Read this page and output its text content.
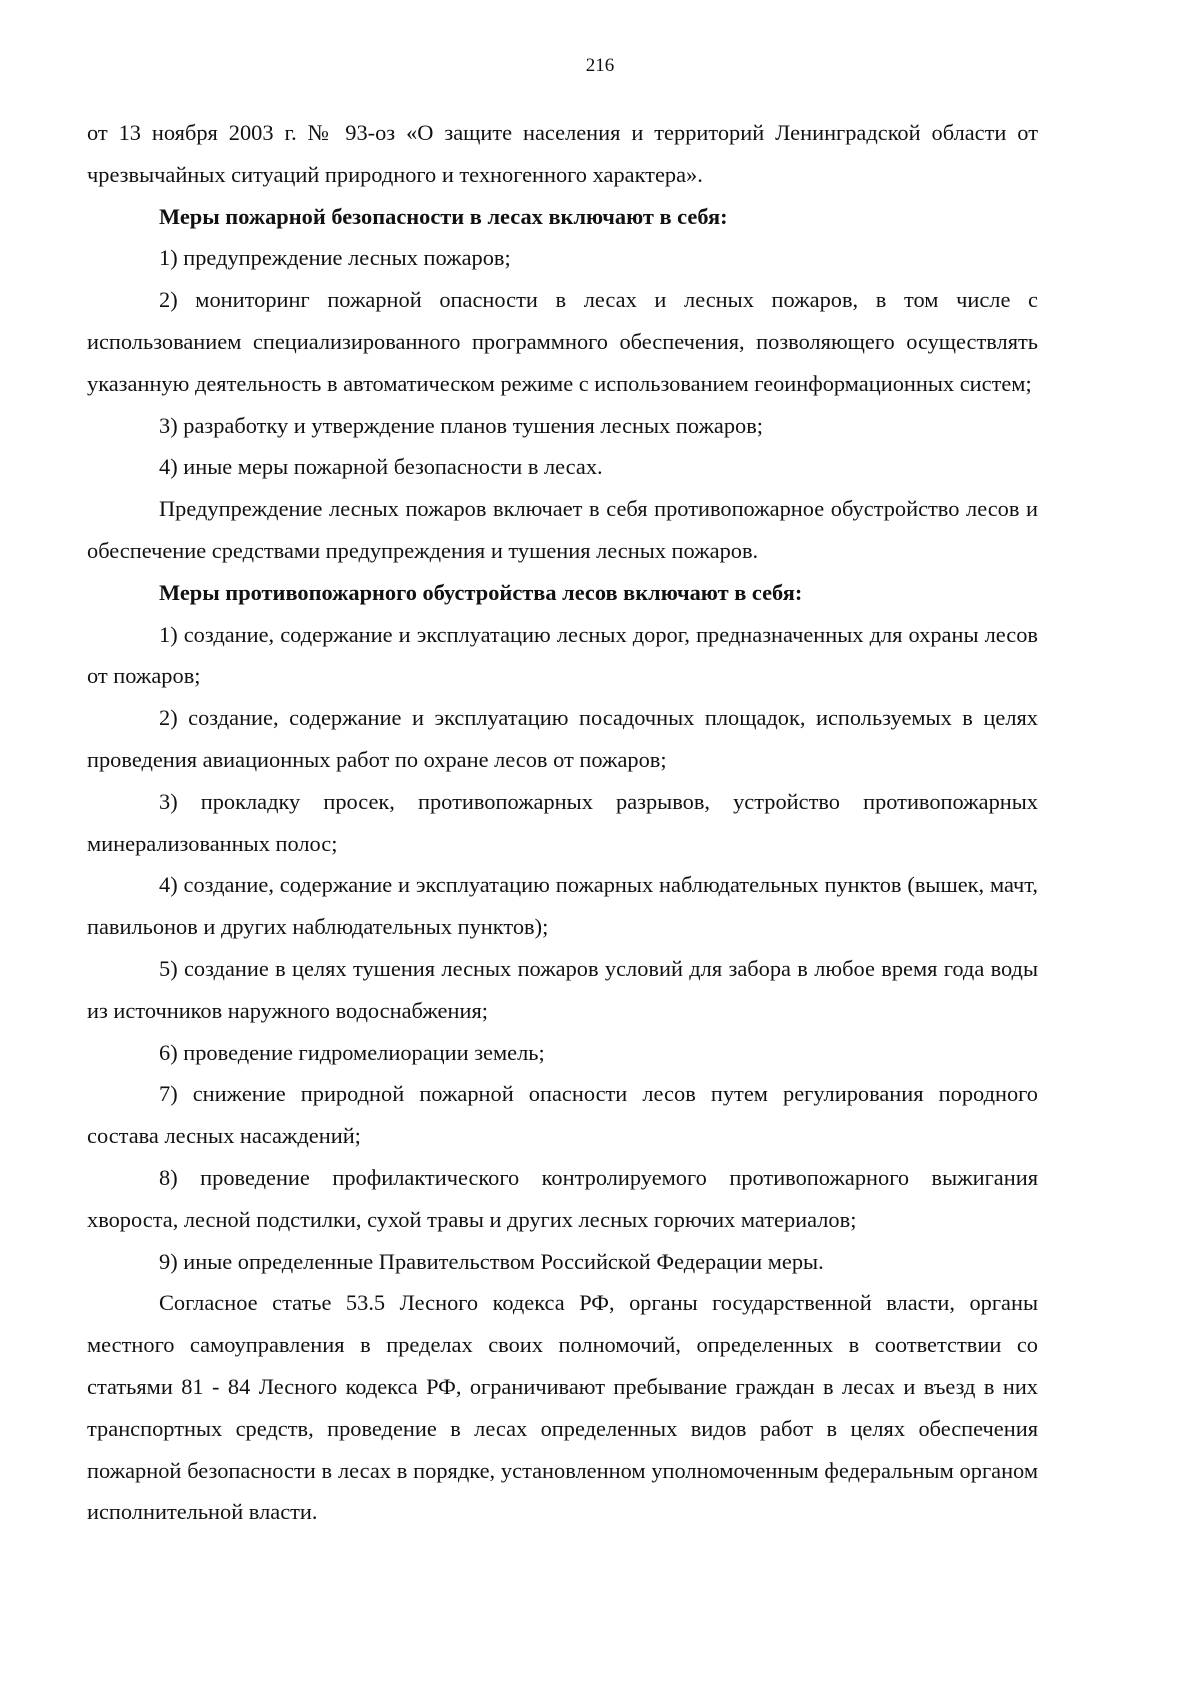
216

от 13 ноября 2003 г. № 93-оз «О защите населения и территорий Ленинградской области от чрезвычайных ситуаций природного и техногенного характера».

Меры пожарной безопасности в лесах включают в себя:

1) предупреждение лесных пожаров;

2) мониторинг пожарной опасности в лесах и лесных пожаров, в том числе с использованием специализированного программного обеспечения, позволяющего осуществлять указанную деятельность в автоматическом режиме с использованием геоинформационных систем;

3) разработку и утверждение планов тушения лесных пожаров;

4) иные меры пожарной безопасности в лесах.

Предупреждение лесных пожаров включает в себя противопожарное обустройство лесов и обеспечение средствами предупреждения и тушения лесных пожаров.

Меры противопожарного обустройства лесов включают в себя:

1) создание, содержание и эксплуатацию лесных дорог, предназначенных для охраны лесов от пожаров;

2) создание, содержание и эксплуатацию посадочных площадок, используемых в целях проведения авиационных работ по охране лесов от пожаров;

3) прокладку просек, противопожарных разрывов, устройство противопожарных минерализованных полос;

4) создание, содержание и эксплуатацию пожарных наблюдательных пунктов (вышек, мачт, павильонов и других наблюдательных пунктов);

5) создание в целях тушения лесных пожаров условий для забора в любое время года воды из источников наружного водоснабжения;

6) проведение гидромелиорации земель;

7) снижение природной пожарной опасности лесов путем регулирования породного состава лесных насаждений;

8) проведение профилактического контролируемого противопожарного выжигания хвороста, лесной подстилки, сухой травы и других лесных горючих материалов;

9) иные определенные Правительством Российской Федерации меры.

Согласное статье 53.5 Лесного кодекса РФ, органы государственной власти, органы местного самоуправления в пределах своих полномочий, определенных в соответствии со статьями 81 - 84 Лесного кодекса РФ, ограничивают пребывание граждан в лесах и въезд в них транспортных средств, проведение в лесах определенных видов работ в целях обеспечения пожарной безопасности в лесах в порядке, установленном уполномоченным федеральным органом исполнительной власти.
